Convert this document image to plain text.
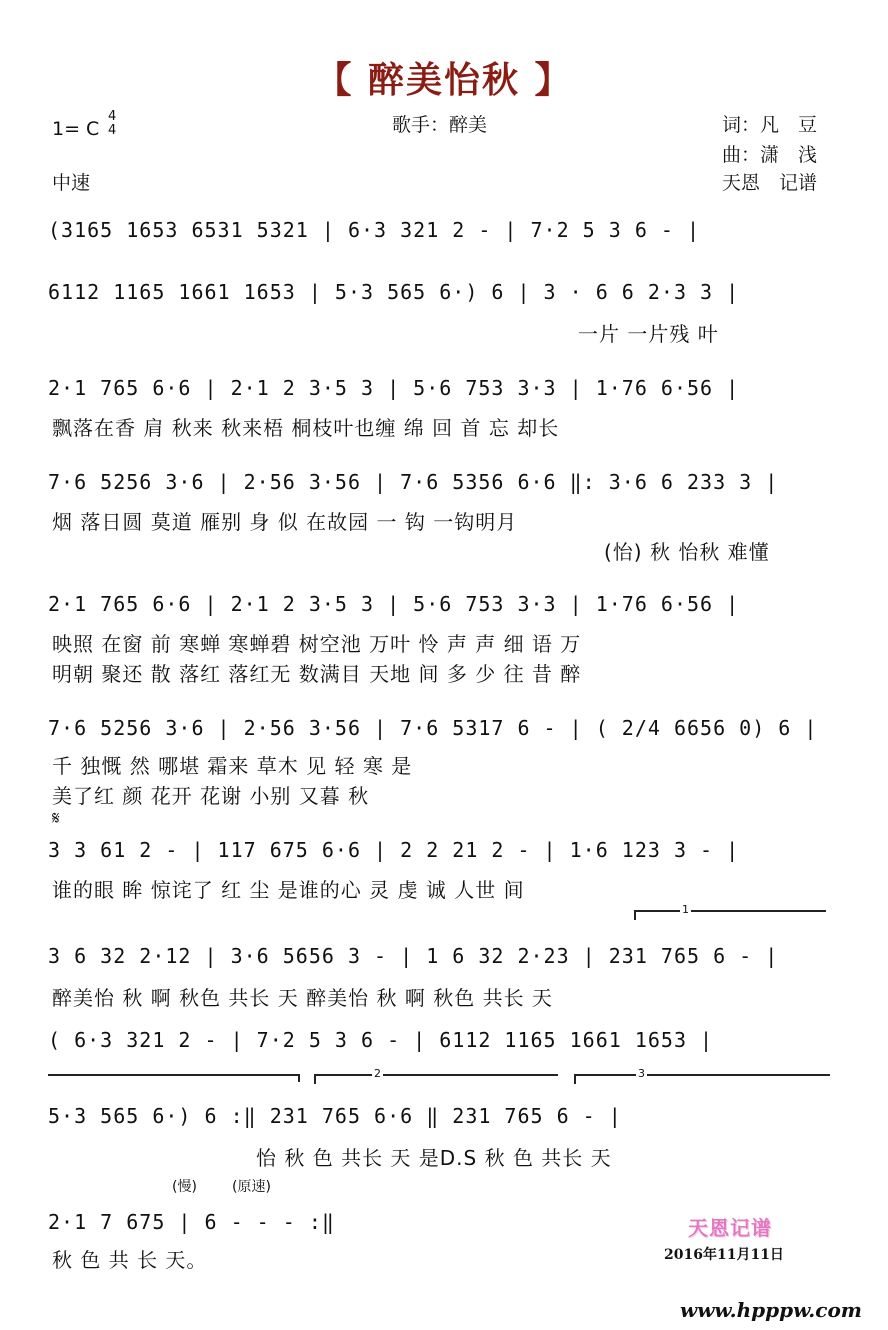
【 醉美怡秋 】
1= C
4
4
中速
歌手：醉美	词：凡　豆
曲：潇　浅
天恩　记谱
(3165 1653 6531 5321 | 6·3 321 2 - | 7·2 5 3 6 - |
6112 1165 1661 1653 | 5·3 565 6·) 6 | 3 · 6 6 2·3 3 |
一片 一片残 叶
2·1 765 6·6 | 2·1 2 3·5 3 | 5·6 753 3·3 | 1·76 6·56 |
飘落在香 肩 秋来 秋来梧 桐枝叶也缠 绵 回 首 忘 却长
7·6 5256 3·6 | 2·56 3·56 | 7·6 5356 6·6 ‖: 3·6 6 233 3 |
烟 落日圆 莫道 雁别 身 似 在故园 一 钩 一钩明月
(怡) 秋 怡秋 难懂
2·1 765 6·6 | 2·1 2 3·5 3 | 5·6 753 3·3 | 1·76 6·56 |
映照 在窗 前 寒蝉 寒蝉碧 树空池 万叶 怜 声 声 细 语 万
明朝 聚还 散 落红 落红无 数满目 天地 间 多 少 往 昔 醉
7·6 5256 3·6 | 2·56 3·56 | 7·6 5317 6 - | ( 2/4 6656 0) 6 |
千 独慨 然 哪堪 霜来 草木 见 轻 寒 是
美了红 颜 花开 花谢 小别 又暮 秋
𝄋
3 3 61 2 - | 117 675 6·6 | 2 2 21 2 - | 1·6 123 3 - |
谁的眼 眸 惊诧了 红 尘 是谁的心 灵 虔 诚 人世 间
1
3 6 32 2·12 | 3·6 5656 3 - | 1 6 32 2·23 | 231 765 6 - |
醉美怡 秋 啊 秋色 共长 天 醉美怡 秋 啊 秋色 共长 天
( 6·3 321 2 - | 7·2 5 3 6 - | 6112 1165 1661 1653 |
2	3
5·3 565 6·) 6 :‖ 231 765 6·6 ‖ 231 765 6 - |
怡 秋 色 共长 天 是D.S 秋 色 共长 天
(慢)	(原速)
2·1 7 675 | 6 - - - :‖
秋 色 共 长 天。
天恩记谱
2016年11月11日
www.hpppw.com
